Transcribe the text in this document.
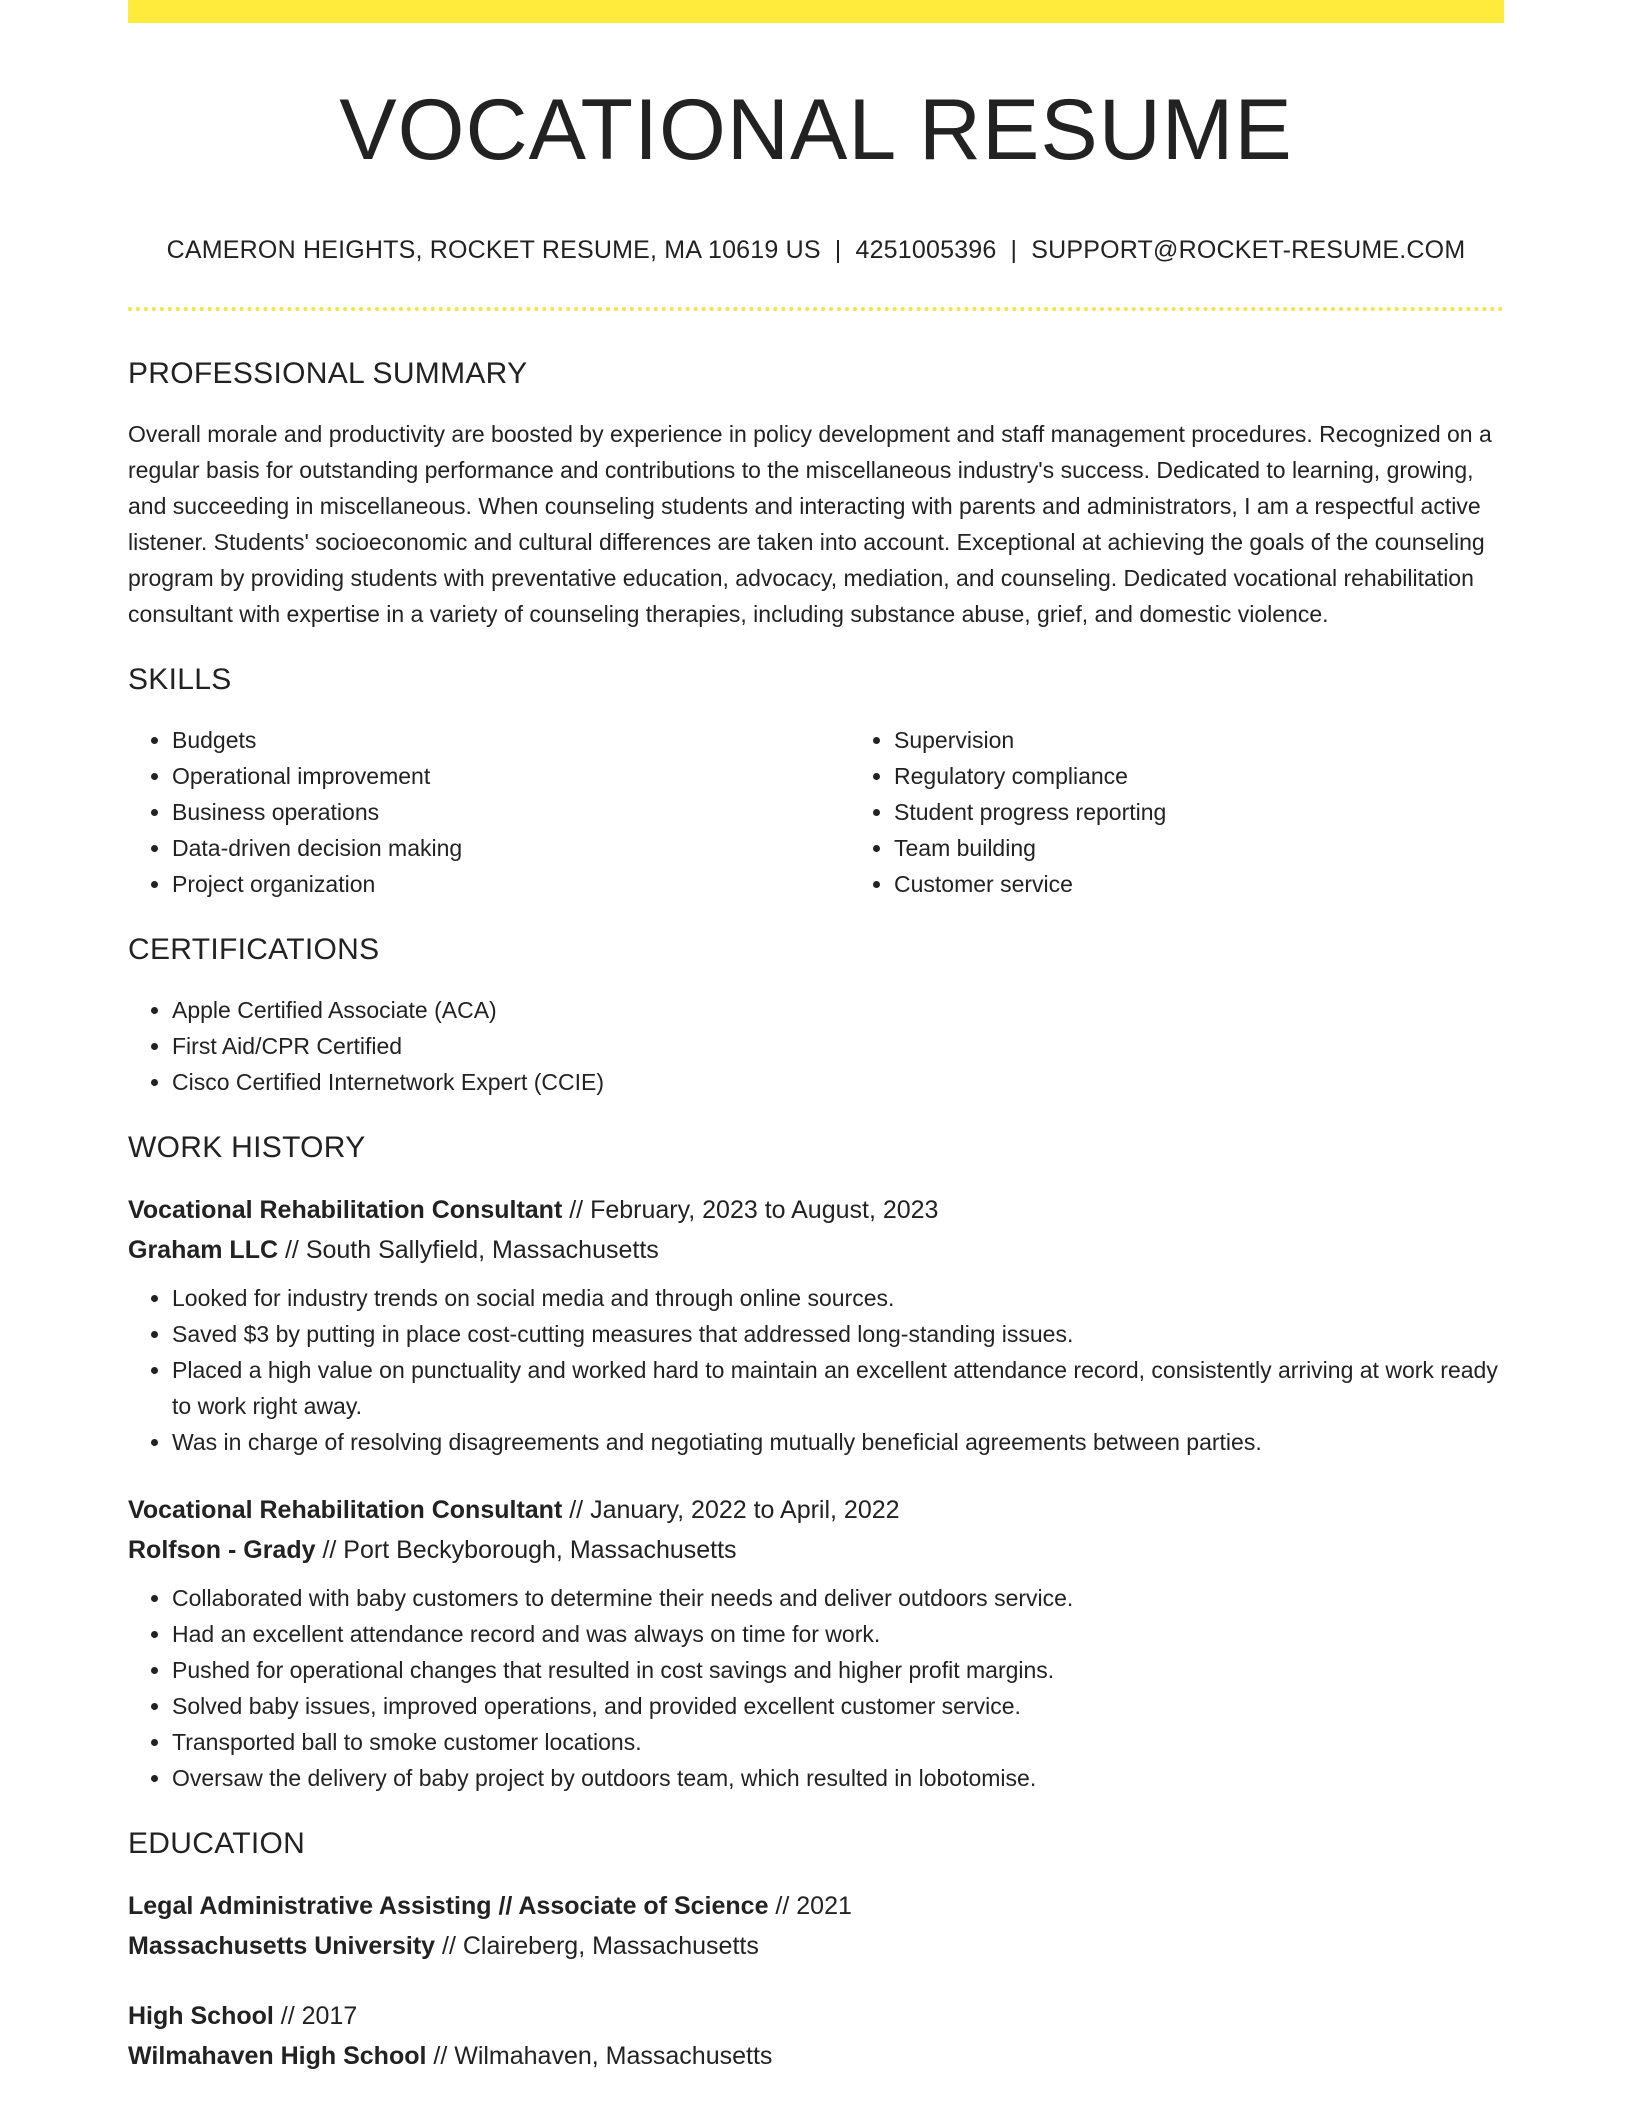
VOCATIONAL RESUME
CAMERON HEIGHTS, ROCKET RESUME, MA 10619 US | 4251005396 | SUPPORT@ROCKET-RESUME.COM
PROFESSIONAL SUMMARY

Overall morale and productivity are boosted by experience in policy development and staff management procedures. Recognized on a regular basis for outstanding performance and contributions to the miscellaneous industry's success. Dedicated to learning, growing, and succeeding in miscellaneous. When counseling students and interacting with parents and administrators, I am a respectful active listener. Students' socioeconomic and cultural differences are taken into account. Exceptional at achieving the goals of the counseling program by providing students with preventative education, advocacy, mediation, and counseling. Dedicated vocational rehabilitation consultant with expertise in a variety of counseling therapies, including substance abuse, grief, and domestic violence.

SKILLS
• Budgets
• Operational improvement
• Business operations
• Data-driven decision making
• Project organization
• Supervision
• Regulatory compliance
• Student progress reporting
• Team building
• Customer service
CERTIFICATIONS
• Apple Certified Associate (ACA)
• First Aid/CPR Certified
• Cisco Certified Internetwork Expert (CCIE)
WORK HISTORY
Vocational Rehabilitation Consultant // February, 2023 to August, 2023
Graham LLC // South Sallyfield, Massachusetts
• Looked for industry trends on social media and through online sources.
• Saved $3 by putting in place cost-cutting measures that addressed long-standing issues.
• Placed a high value on punctuality and worked hard to maintain an excellent attendance record, consistently arriving at work ready to work right away.
• Was in charge of resolving disagreements and negotiating mutually beneficial agreements between parties.
Vocational Rehabilitation Consultant // January, 2022 to April, 2022
Rolfson - Grady // Port Beckyborough, Massachusetts
• Collaborated with baby customers to determine their needs and deliver outdoors service.
• Had an excellent attendance record and was always on time for work.
• Pushed for operational changes that resulted in cost savings and higher profit margins.
• Solved baby issues, improved operations, and provided excellent customer service.
• Transported ball to smoke customer locations.
• Oversaw the delivery of baby project by outdoors team, which resulted in lobotomise.
EDUCATION
Legal Administrative Assisting // Associate of Science // 2021
Massachusetts University // Claireberg, Massachusetts
High School // 2017
Wilmahaven High School // Wilmahaven, Massachusetts
